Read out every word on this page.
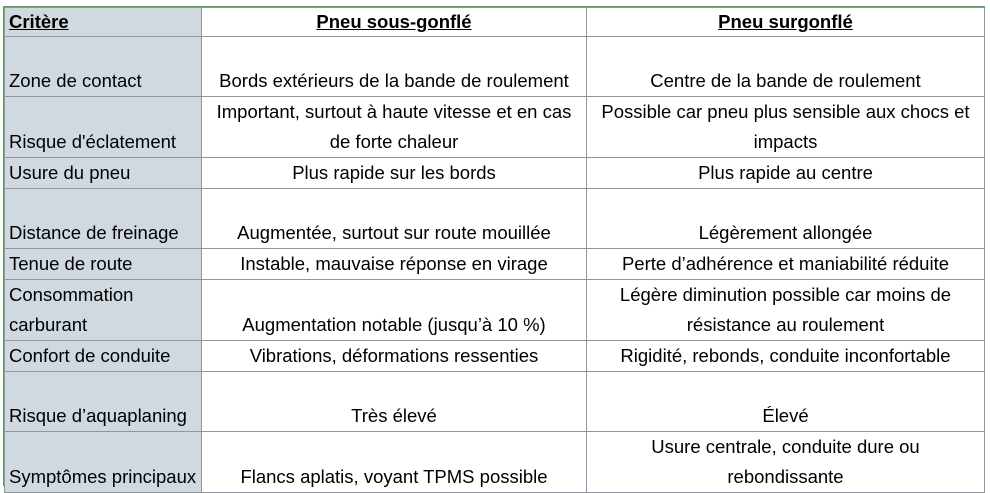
Critère	Pneu sous-gonflé	Pneu surgonflé
Zone de contact	Bords extérieurs de la bande de roulement	Centre de la bande de roulement
Risque d'éclatement	Important, surtout à haute vitesse et en cas de forte chaleur	Possible car pneu plus sensible aux chocs et impacts
Usure du pneu	Plus rapide sur les bords	Plus rapide au centre
Distance de freinage	Augmentée, surtout sur route mouillée	Légèrement allongée
Tenue de route	Instable, mauvaise réponse en virage	Perte d’adhérence et maniabilité réduite
Consommation carburant	Augmentation notable (jusqu’à 10 %)	Légère diminution possible car moins de résistance au roulement
Confort de conduite	Vibrations, déformations ressenties	Rigidité, rebonds, conduite inconfortable
Risque d’aquaplaning	Très élevé	Élevé
Symptômes principaux	Flancs aplatis, voyant TPMS possible	Usure centrale, conduite dure ou rebondissante
